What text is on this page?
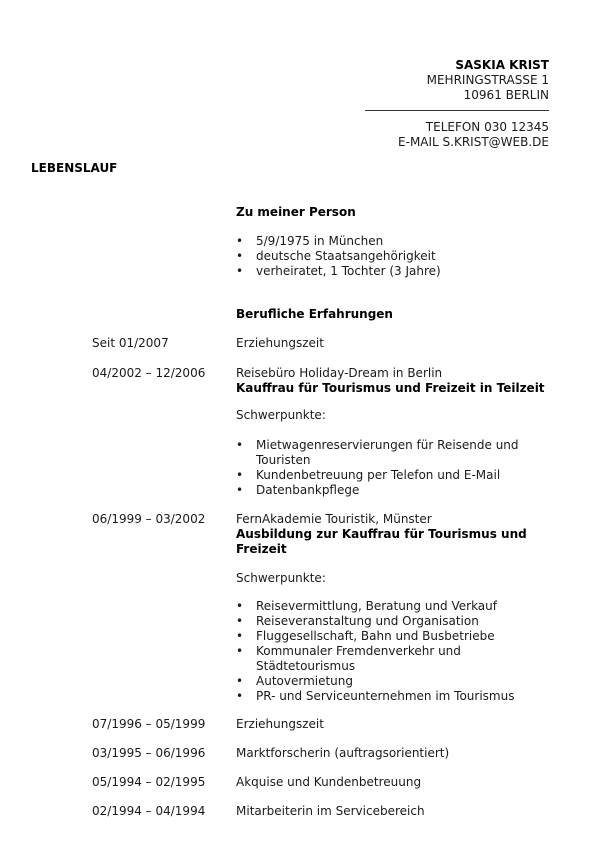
SASKIA KRIST
MEHRINGSTRASSE 1
10961 BERLIN
TELEFON 030 12345
E-MAIL S.KRIST@WEB.DE
LEBENSLAUF
Zu meiner Person
• 5/9/1975 in München
• deutsche Staatsangehörigkeit
• verheiratet, 1 Tochter (3 Jahre)
Berufliche Erfahrungen
Seit 01/2007	Erziehungszeit
04/2002 – 12/2006	Reisebüro Holiday-Dream in Berlin
Kauffrau für Tourismus und Freizeit in Teilzeit
Schwerpunkte:
• Mietwagenreservierungen für Reisende und Touristen
• Kundenbetreuung per Telefon und E-Mail
• Datenbankpflege
06/1999 – 03/2002	FernAkademie Touristik, Münster
Ausbildung zur Kauffrau für Tourismus und Freizeit
Schwerpunkte:
• Reisevermittlung, Beratung und Verkauf
• Reiseveranstaltung und Organisation
• Fluggesellschaft, Bahn und Busbetriebe
• Kommunaler Fremdenverkehr und Städtetourismus
• Autovermietung
• PR- und Serviceunternehmen im Tourismus
07/1996 – 05/1999	Erziehungszeit
03/1995 – 06/1996	Marktforscherin (auftragsorientiert)
05/1994 – 02/1995	Akquise und Kundenbetreuung
02/1994 – 04/1994	Mitarbeiterin im Servicebereich
